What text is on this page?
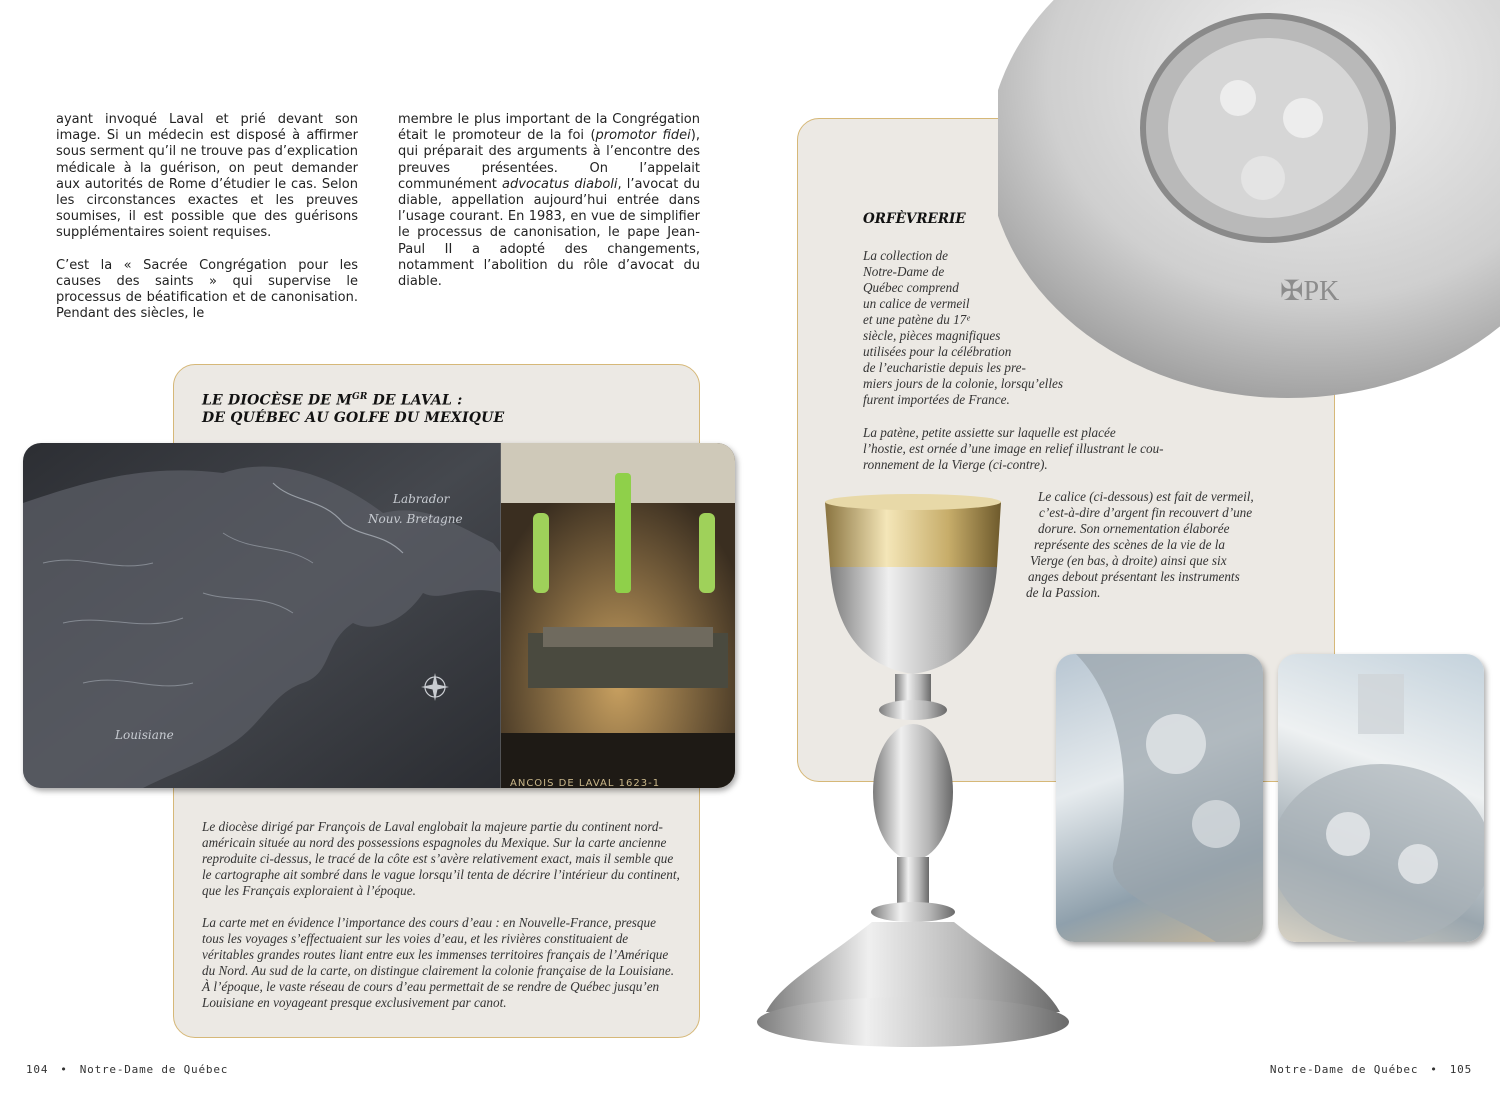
ayant invoqué Laval et prié devant son image. Si un médecin est disposé à affirmer sous serment qu’il ne trouve pas d’explication médicale à la guérison, on peut demander aux autorités de Rome d’étudier le cas. Selon les circonstances exactes et les preuves soumises, il est possible que des guérisons supplémentaires soient requises.

C’est la « Sacrée Congrégation pour les causes des saints » qui supervise le processus de béatification et de canonisation. Pendant des siècles, le

membre le plus important de la Congrégation était le promoteur de la foi (promotor fidei), qui préparait des arguments à l’encontre des preuves présentées. On l’appelait communément advocatus diaboli, l’avocat du diable, appellation aujourd’hui entrée dans l’usage courant. En 1983, en vue de simplifier le processus de canonisation, le pape Jean-Paul II a adopté des changements, notamment l’abolition du rôle d’avocat du diable.

LE DIOCÈSE DE $M^{GR}$ DE LAVAL :
DE QUÉBEC AU GOLFE DU MEXIQUE

Le diocèse dirigé par François de Laval englobait la majeure partie du continent nord-américain située au nord des possessions espagnoles du Mexique. Sur la carte ancienne reproduite ci-dessus, le tracé de la côte est s’avère relativement exact, mais il semble que le cartographe ait sombré dans le vague lorsqu’il tenta de décrire l’intérieur du continent, que les Français exploraient à l’époque.

La carte met en évidence l’importance des cours d’eau : en Nouvelle-France, presque tous les voyages s’effectuaient sur les voies d’eau, et les rivières constituaient de véritables grandes routes liant entre eux les immenses territoires français de l’Amérique du Nord. Au sud de la carte, on distingue clairement la colonie française de la Louisiane. À l’époque, le vaste réseau de cours d’eau permettait de se rendre de Québec jusqu’en Louisiane en voyageant presque exclusivement par canot.

Labrador
Nouv. Bretagne
Louisiane
ANCOIS DE LAVAL 1623-1
✠PK
ORFÈVRERIE
La collection de
Notre-Dame de
Québec comprend
un calice de vermeil
et une patène du 17ᵉ
siècle, pièces magnifiques
utilisées pour la célébration
de l’eucharistie depuis les pre-
miers jours de la colonie, lorsqu’elles
furent importées de France.
La patène, petite assiette sur laquelle est placée
l’hostie, est ornée d’une image en relief illustrant le cou-
ronnement de la Vierge (ci-contre).
Le calice (ci-dessous) est fait de vermeil,
c’est-à-dire d’argent fin recouvert d’une
dorure. Son ornementation élaborée
représente des scènes de la vie de la
Vierge (en bas, à droite) ainsi que six
anges debout présentant les instruments
de la Passion.
104 • Notre-Dame de Québec	Notre-Dame de Québec • 105
